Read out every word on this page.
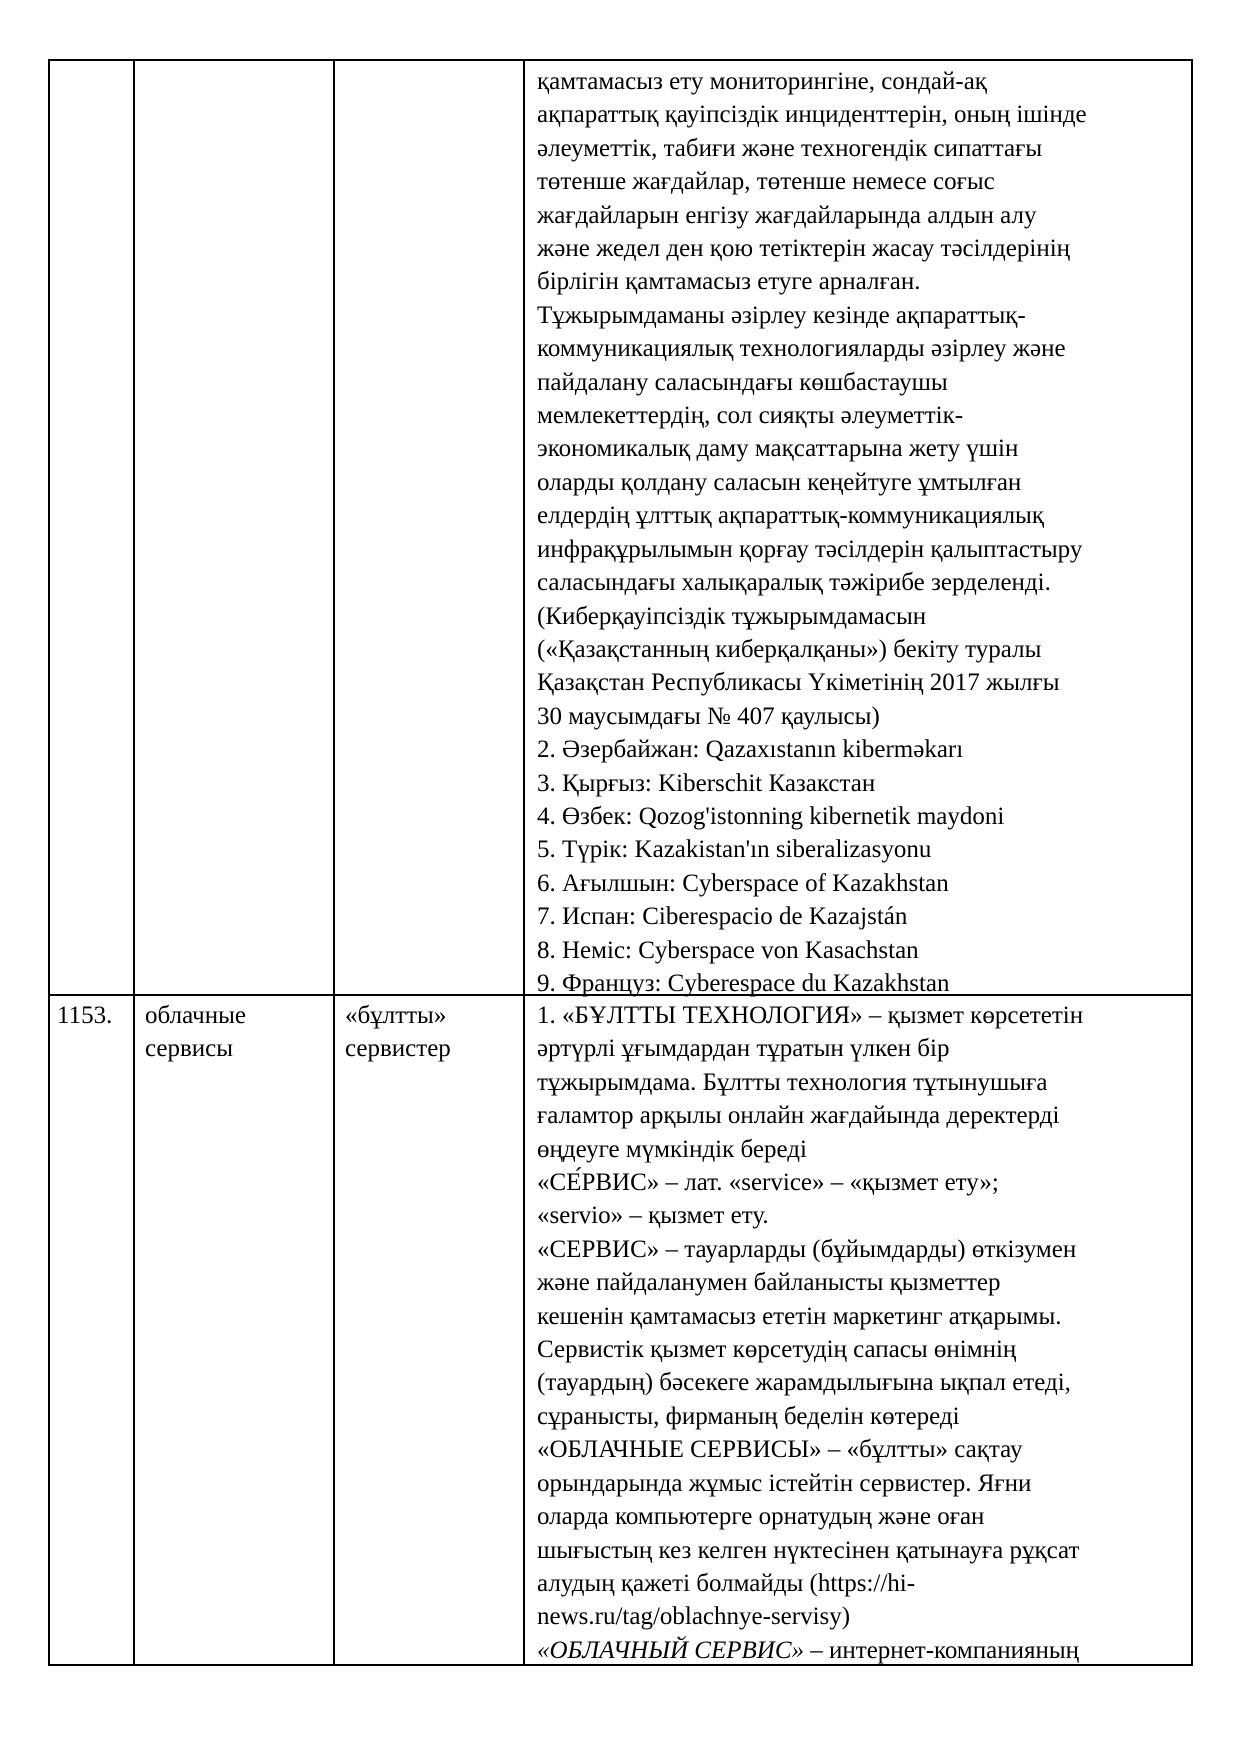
қамтамасыз ету мониторингіне, сондай-ақ
ақпараттық қауіпсіздік инциденттерін, оның ішінде
әлеуметтік, табиғи және техногендік сипаттағы
төтенше жағдайлар, төтенше немесе соғыс
жағдайларын енгізу жағдайларында алдын алу
және жедел ден қою тетіктерін жасау тәсілдерінің
бірлігін қамтамасыз етуге арналған.
Тұжырымдаманы әзірлеу кезінде ақпараттық-
коммуникациялық технологияларды әзірлеу және
пайдалану саласындағы көшбастаушы
мемлекеттердің, сол сияқты әлеуметтік-
экономикалық даму мақсаттарына жету үшін
оларды қолдану саласын кеңейтуге ұмтылған
елдердің ұлттық ақпараттық-коммуникациялық
инфрақұрылымын қорғау тәсілдерін қалыптастыру
саласындағы халықаралық тәжірибе зерделенді.
(Киберқауіпсіздік тұжырымдамасын
(«Қазақстанның киберқалқаны») бекіту туралы
Қазақстан Республикасы Үкіметінің 2017 жылғы
30 маусымдағы № 407 қаулысы)
2. Әзербайжан: Qazaxıstanın kibermәkarı
3. Қырғыз: Kiberschit Казакстан
4. Өзбек: Qozog'istonning kibernetik maydoni
5. Түрік: Kazakistan'ın siberalizasyonu
6. Ағылшын: Cyberspace of Kazakhstan
7. Испан: Ciberespacio de Kazajstán
8. Неміс: Cyberspace von Kasachstan
9. Француз: Cyberespace du Kazakhstan
1153. облачные
сервисы
«бұлтты»
сервистер
1. «БҰЛТТЫ ТЕХНОЛОГИЯ» – қызмет көрсететін
әртүрлі ұғымдардан тұратын үлкен бір
тұжырымдама. Бұлтты технология тұтынушыға
ғаламтор арқылы онлайн жағдайында деректерді
өңдеуге мүмкіндік береді
«СЕ́РВИС» – лат. «service» – «қызмет ету»;
«servio» – қызмет ету.
«СЕРВИС» – тауарларды (бұйымдарды) өткізумен
және пайдаланумен байланысты қызметтер
кешенін қамтамасыз ететін маркетинг атқарымы.
Сервистік қызмет көрсетудің сапасы өнімнің
(тауардың) бәсекеге жарамдылығына ықпал етеді,
сұранысты, фирманың беделін көтереді
«ОБЛАЧНЫЕ СЕРВИСЫ» – «бұлтты» сақтау
орындарында жұмыс істейтін сервистер. Яғни
оларда компьютерге орнатудың және оған
шығыстың кез келген нүктесінен қатынауға рұқсат
алудың қажеті болмайды (https://hi-
news.ru/tag/oblachnye-servisy)
«ОБЛАЧНЫЙ СЕРВИС» – интернет-компанияның
